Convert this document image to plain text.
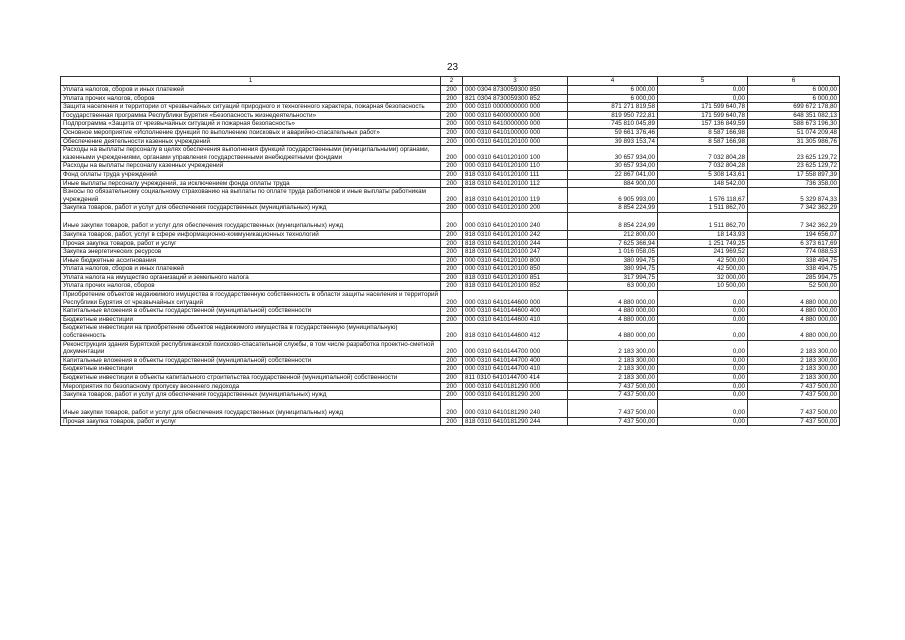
23
1	2	3	4	5	6
Уплата налогов, сборов и иных платежей	200	000 0304 8730059300 850	6 000,00	0,00	6 000,00
Уплата прочих налогов, сборов	200	821 0304 8730059300 852	6 000,00	0,00	6 000,00
Защита населения и территории от чрезвычайных ситуаций природного и техногенного характера, пожарная безопасность	200	000 0310 0000000000 000	871 271 819,58	171 599 640,78	699 672 178,80
Государственная программа Республики Бурятия «Безопасность жизнедеятельности»	200	000 0310 6400000000 000	819 950 722,81	171 599 640,78	648 351 082,13
Подпрограмма «Защита от чрезвычайных ситуаций и пожарная безопасность»	200	000 0310 6410000000 000	745 810 045,89	157 136 849,59	588 673 196,30
Основное мероприятие «Исполнение функций по выполнению поисковых и аварийно-спасательных работ»	200	000 0310 6410100000 000	59 661 376,46	8 587 166,98	51 074 209,48
Обеспечение деятельности казенных учреждений	200	000 0310 6410120100 000	39 893 153,74	8 587 166,98	31 305 986,76
Расходы на выплаты персоналу в целях обеспечения выполнения функций государственными (муниципальными) органами, казенными учреждениями, органами управления государственными внебюджетными фондами	200	000 0310 6410120100 100	30 657 934,00	7 032 804,28	23 625 129,72
Расходы на выплаты персоналу казенных учреждений	200	000 0310 6410120100 110	30 657 934,00	7 032 804,28	23 625 129,72
Фонд оплаты труда учреждений	200	818 0310 6410120100 111	22 867 041,00	5 308 143,61	17 558 897,39
Иные выплаты персоналу учреждений, за исключением фонда оплаты труда	200	818 0310 6410120100 112	884 900,00	148 542,00	736 358,00
Взносы по обязательному социальному страхованию на выплаты по оплате труда работников и иные выплаты работникам учреждений	200	818 0310 6410120100 119	6 905 993,00	1 576 118,67	5 329 874,33
Закупка товаров, работ и услуг для обеспечения государственных (муниципальных) нужд	200	000 0310 6410120100 200	8 854 224,99	1 511 862,70	7 342 362,29
Иные закупки товаров, работ и услуг для обеспечения государственных (муниципальных) нужд	200	000 0310 6410120100 240	8 854 224,99	1 511 862,70	7 342 362,29
Закупка товаров, работ, услуг в сфере информационно-коммуникационных технологий	200	818 0310 6410120100 242	212 800,00	18 143,93	194 656,07
Прочая закупка товаров, работ и услуг	200	818 0310 6410120100 244	7 625 366,94	1 251 749,25	6 373 617,69
Закупка энергетических ресурсов	200	818 0310 6410120100 247	1 016 058,05	241 969,52	774 088,53
Иные бюджетные ассигнования	200	000 0310 6410120100 800	380 994,75	42 500,00	338 494,75
Уплата налогов, сборов и иных платежей	200	000 0310 6410120100 850	380 994,75	42 500,00	338 494,75
Уплата налога на имущество организаций и земельного налога	200	818 0310 6410120100 851	317 994,75	32 000,00	285 994,75
Уплата прочих налогов, сборов	200	818 0310 6410120100 852	63 000,00	10 500,00	52 500,00
Приобретение объектов недвижимого имущества в государственную собственность в области защиты населения и территорий Республики Бурятия от чрезвычайных ситуаций	200	000 0310 6410144600 000	4 880 000,00	0,00	4 880 000,00
Капитальные вложения в объекты государственной (муниципальной) собственности	200	000 0310 6410144600 400	4 880 000,00	0,00	4 880 000,00
Бюджетные инвестиции	200	000 0310 6410144600 410	4 880 000,00	0,00	4 880 000,00
Бюджетные инвестиции на приобретение объектов недвижимого имущества в государственную (муниципальную) собственность	200	818 0310 6410144600 412	4 880 000,00	0,00	4 880 000,00
Реконструкция здания Бурятской республиканской поисково-спасательной службы, в том числе разработка проектно-сметной документации	200	000 0310 6410144700 000	2 183 300,00	0,00	2 183 300,00
Капитальные вложения в объекты государственной (муниципальной) собственности	200	000 0310 6410144700 400	2 183 300,00	0,00	2 183 300,00
Бюджетные инвестиции	200	000 0310 6410144700 410	2 183 300,00	0,00	2 183 300,00
Бюджетные инвестиции в объекты капитального строительства государственной (муниципальной) собственности	200	811 0310 6410144700 414	2 183 300,00	0,00	2 183 300,00
Мероприятия по безопасному пропуску весеннего ледохода	200	000 0310 6410181290 000	7 437 500,00	0,00	7 437 500,00
Закупка товаров, работ и услуг для обеспечения государственных (муниципальных) нужд	200	000 0310 6410181290 200	7 437 500,00	0,00	7 437 500,00
Иные закупки товаров, работ и услуг для обеспечения государственных (муниципальных) нужд	200	000 0310 6410181290 240	7 437 500,00	0,00	7 437 500,00
Прочая закупка товаров, работ и услуг	200	818 0310 6410181290 244	7 437 500,00	0,00	7 437 500,00
